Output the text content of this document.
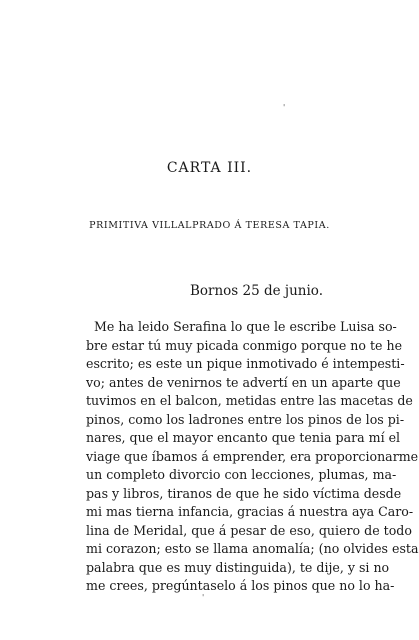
'
'
CARTA III.

PRIMITIVA VILLALPRADO Á TERESA TAPIA.

Bornos 25 de junio.

Me ha leido Serafina lo que le escribe Luisa so-
bre estar tú muy picada conmigo porque no te he
escrito; es este un pique inmotivado é intempesti-
vo; antes de venirnos te advertí en un aparte que
tuvimos en el balcon, metidas entre las macetas de
pinos, como los ladrones entre los pinos de los pi-
nares, que el mayor encanto que tenia para mí el
viage que íbamos á emprender, era proporcionarme
un completo divorcio con lecciones, plumas, ma-
pas y libros, tiranos de que he sido víctima desde
mi mas tierna infancia, gracias á nuestra aya Caro-
lina de Meridal, que á pesar de eso, quiero de todo
mi corazon; esto se llama anomalía; (no olvides esta
palabra que es muy distinguida), te dije, y si no
me crees, pregúntaselo á los pinos que no lo ha-
